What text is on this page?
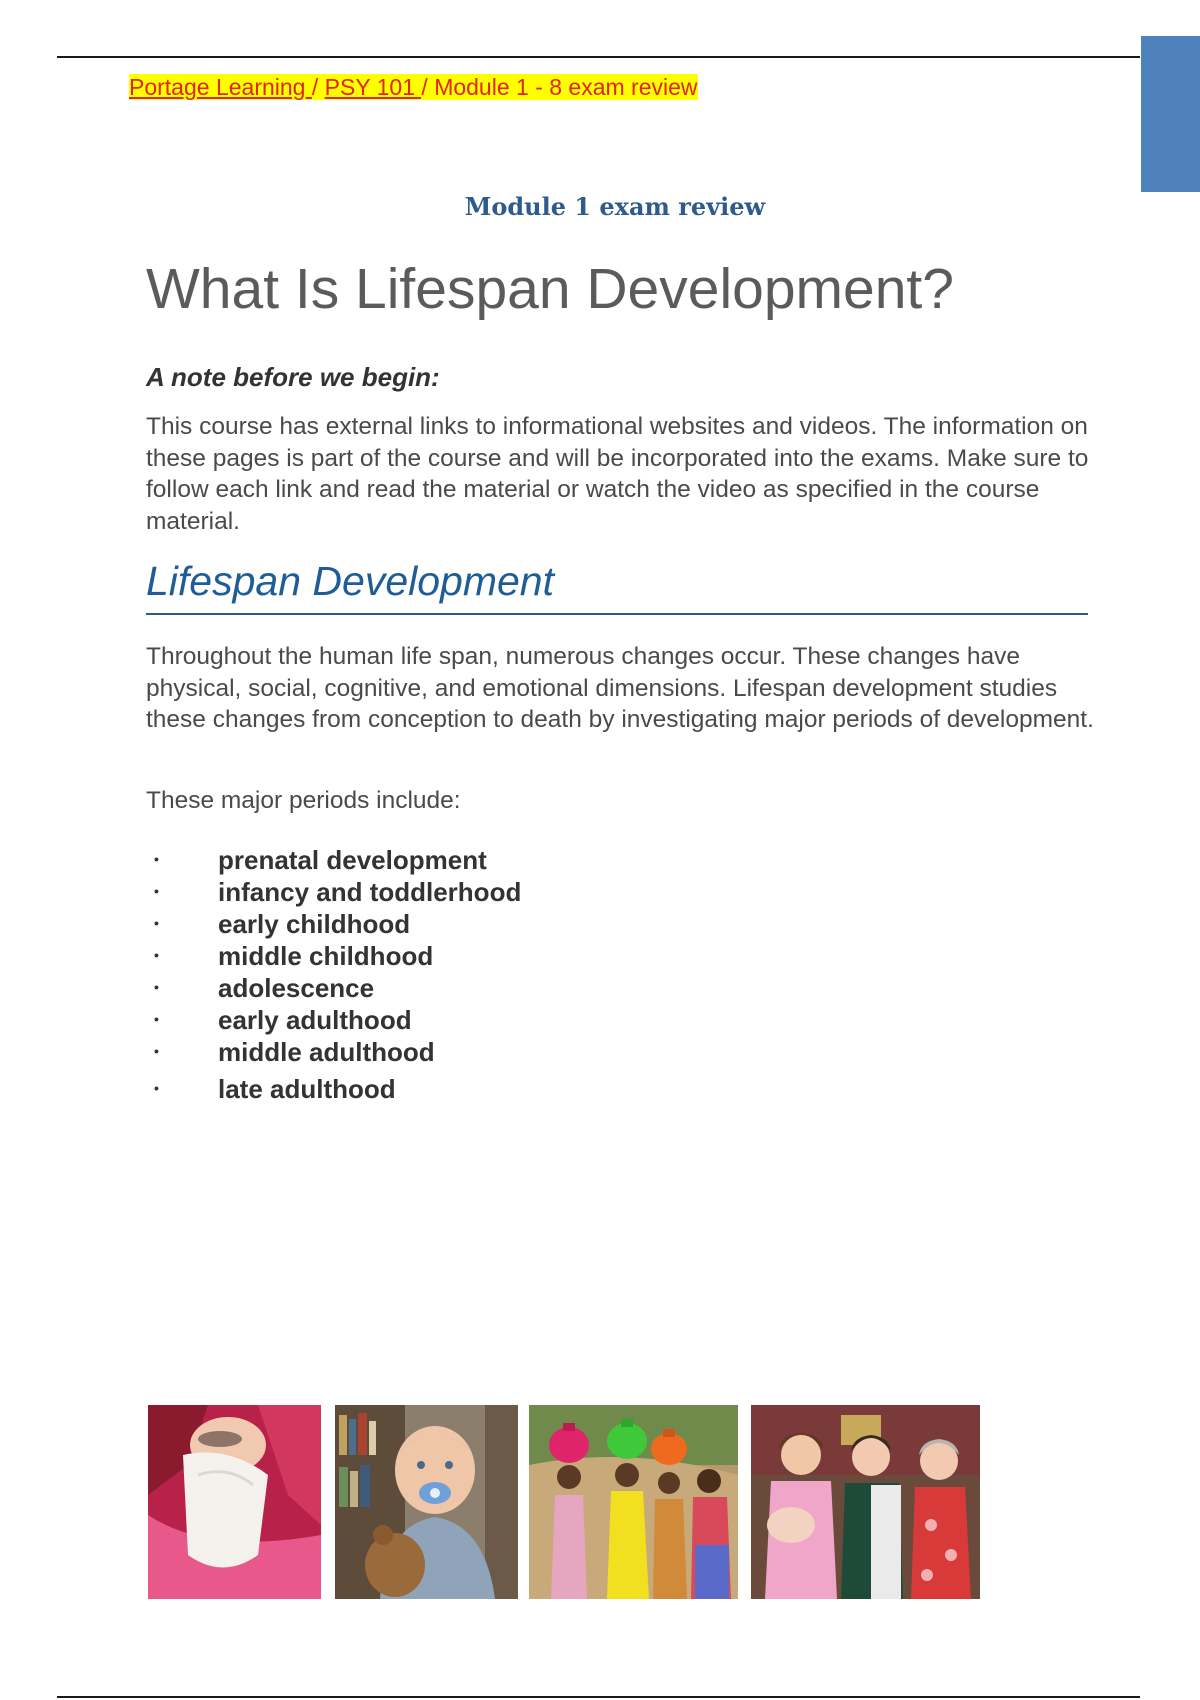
Portage Learning / PSY 101 / Module 1 - 8 exam review
Module 1 exam review
What Is Lifespan Development?
A note before we begin:

This course has external links to informational websites and videos. The information on these pages is part of the course and will be incorporated into the exams. Make sure to follow each link and read the material or watch the video as specified in the course material.

Lifespan Development

Throughout the human life span, numerous changes occur. These changes have physical, social, cognitive, and emotional dimensions. Lifespan development studies these changes from conception to death by investigating major periods of development.

These major periods include:
• prenatal development
• infancy and toddlerhood
• early childhood
• middle childhood
• adolescence
• early adulthood
• middle adulthood
• late adulthood
